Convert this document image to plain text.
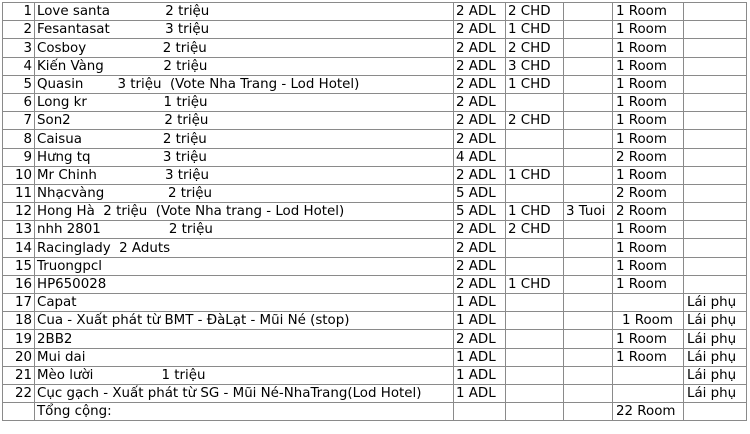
1	Love santa             2 triệu	2 ADL	2 CHD		1 Room	
2	Fesantasat             3 triệu	2 ADL	1 CHD		1 Room	
3	Cosboy                  2 triệu	2 ADL	2 CHD		1 Room	
4	Kiến Vàng              2 triệu	2 ADL	3 CHD		1 Room	
5	Quasin        3 triệu  (Vote Nha Trang - Lod Hotel)	2 ADL	1 CHD		1 Room	
6	Long kr                  1 triệu	2 ADL			1 Room	
7	Son2                      2 triệu	2 ADL	2 CHD		1 Room	
8	Caisua                   2 triệu	2 ADL			1 Room	
9	Hưng tq                 3 triệu	4 ADL			2 Room	
10	Mr Chinh                3 triệu	2 ADL	1 CHD		1 Room	
11	Nhạcvàng               2 triệu	5 ADL			2 Room	
12	Hong Hà  2 triệu  (Vote Nha trang - Lod Hotel)	5 ADL	1 CHD	3 Tuoi	2 Room	
13	nhh 2801                2 triệu	2 ADL	2 CHD		1 Room	
14	Racinglady  2 Aduts	2 ADL			1 Room	
15	Truongpcl	2 ADL			1 Room	
16	HP650028	2 ADL	1 CHD		1 Room	
17	Capat	1 ADL				Lái phụ
18	Cua - Xuất phát từ BMT - ĐàLạt - Mũi Né (stop)	1 ADL			1 Room	Lái phụ
19	2BB2	2 ADL			1 Room	Lái phụ
20	Mui dai	1 ADL			1 Room	Lái phụ
21	Mèo lười                1 triệu	1 ADL				Lái phụ
22	Cục gạch - Xuất phát từ SG - Mũi Né-NhaTrang(Lod Hotel)	1 ADL				Lái phụ
	Tổng cộng:				22 Room	
